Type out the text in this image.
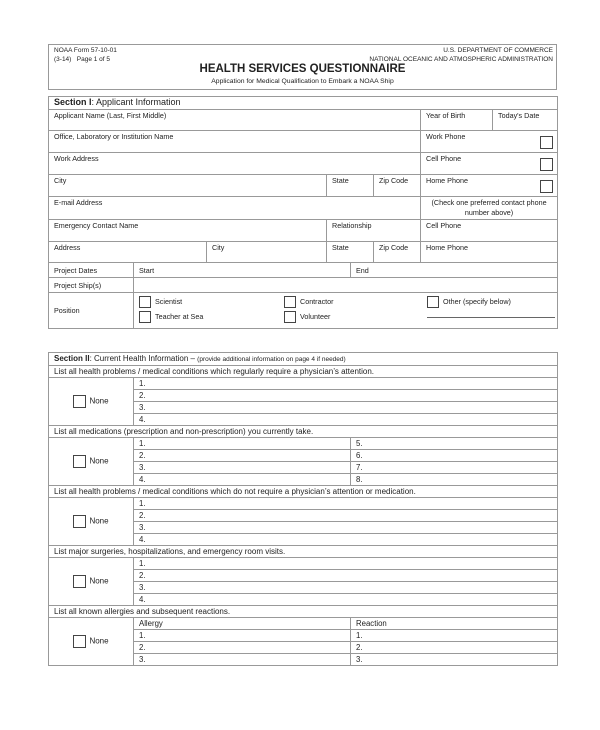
NOAA Form 57-10-01
(3-14) Page 1 of 5
U.S. DEPARTMENT OF COMMERCE
NATIONAL OCEANIC AND ATMOSPHERIC ADMINISTRATION
HEALTH SERVICES QUESTIONNAIRE
Application for Medical Qualification to Embark a NOAA Ship
Section I: Applicant Information							
Applicant Name (Last, First Middle)						Year of Birth	Today's Date
Office, Laboratory or Institution Name						Work Phone	

Work Address						Cell Phone	

City			State		Zip Code	Home Phone	

E-mail Address						(Check one preferred contact phone number above)	
Emergency Contact Name			Relationship			Cell Phone	
Address		City	State		Zip Code	Home Phone	
Project Dates	Start			End			
Project Ship(s)							
Position	Scientist Contractor Other (specify below)
Teacher at Sea Volunteer						
Section II: Current Health Information – (provide additional information on page 4 if needed)		
List all health problems / medical conditions which regularly require a physician’s attention.		
None	1.	
	2.	
	3.	
	4.	
List all medications (prescription and non-prescription) you currently take.		
None	1.	5.
	2.	6.
	3.	7.
	4.	8.
List all health problems / medical conditions which do not require a physician’s attention or medication.		
None	1.	
	2.	
	3.	
	4.	
List major surgeries, hospitalizations, and emergency room visits.		
None	1.	
	2.	
	3.	
	4.	
List all known allergies and subsequent reactions.		
None	Allergy	Reaction
	1.	1.
	2.	2.
	3.	3.
